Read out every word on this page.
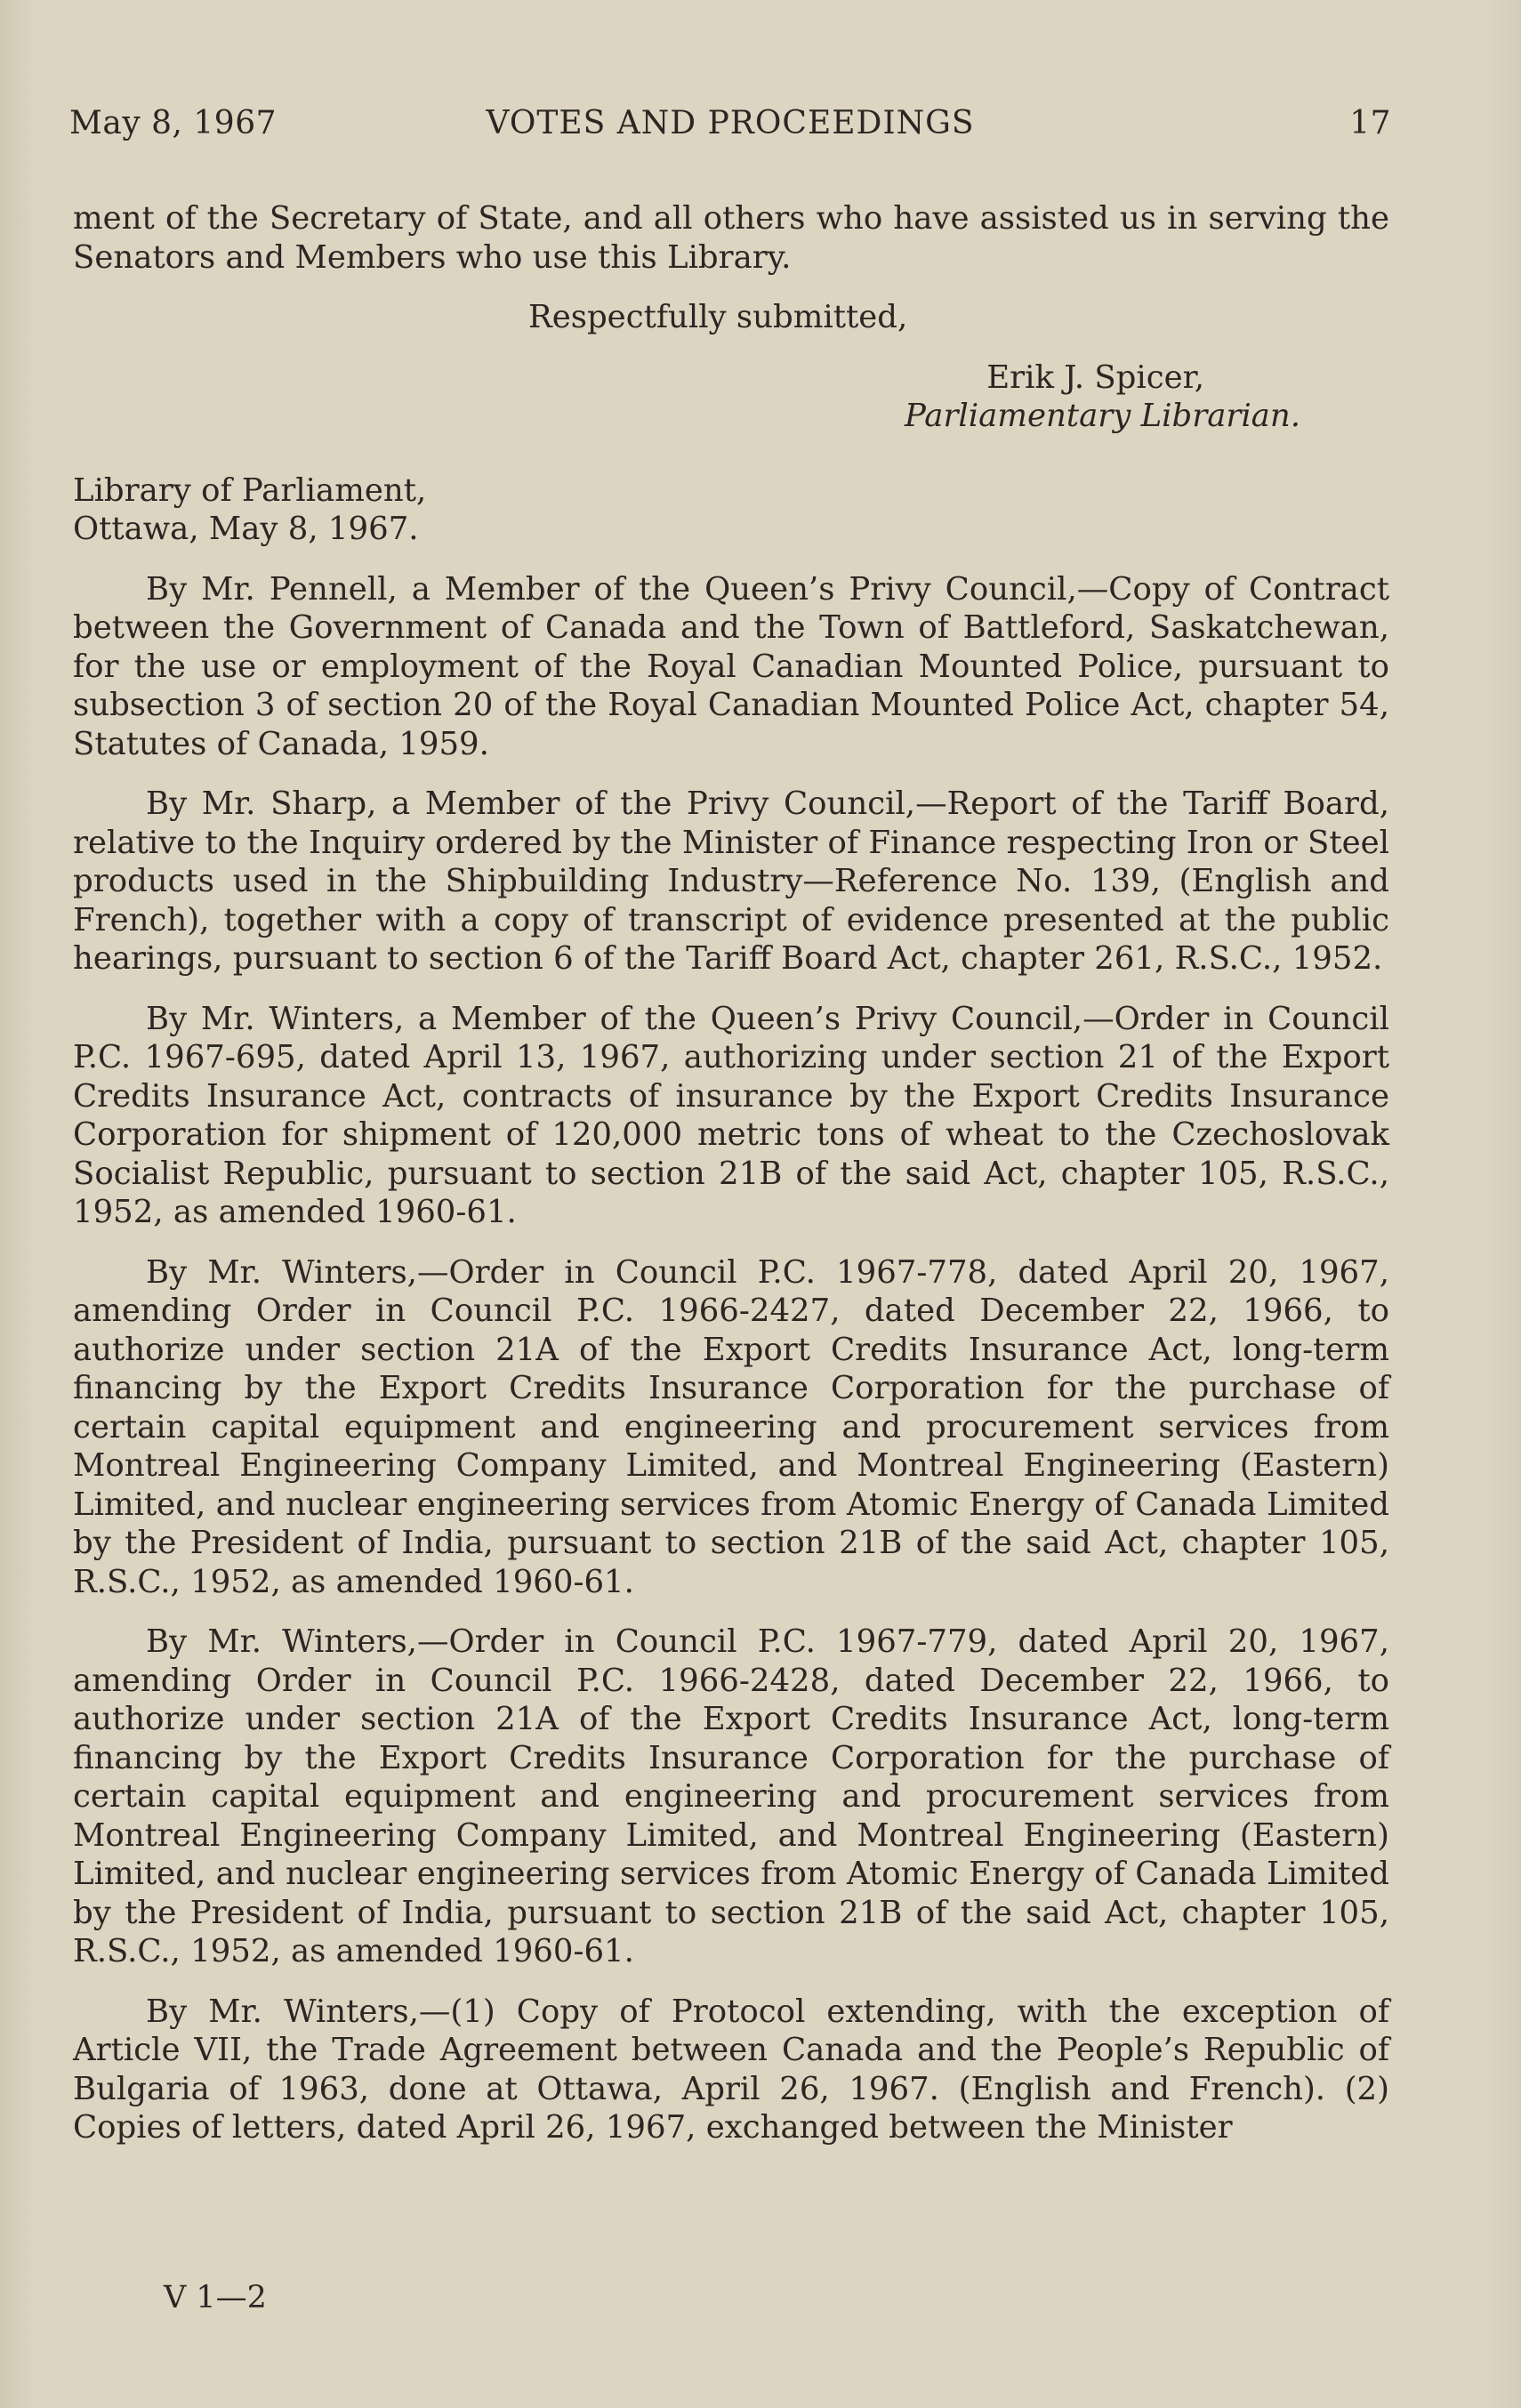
May 8, 1967	VOTES AND PROCEEDINGS	17

ment of the Secretary of State, and all others who have assisted us in serving the Senators and Members who use this Library.

Respectfully submitted,
Erik J. Spicer,
Parliamentary Librarian.
Library of Parliament,
Ottawa, May 8, 1967.

By Mr. Pennell, a Member of the Queen’s Privy Council,—Copy of Contract between the Government of Canada and the Town of Battleford, Saskatchewan, for the use or employment of the Royal Canadian Mounted Police, pursuant to subsection 3 of section 20 of the Royal Canadian Mounted Police Act, chapter 54, Statutes of Canada, 1959.

By Mr. Sharp, a Member of the Privy Council,—Report of the Tariff Board, relative to the Inquiry ordered by the Minister of Finance respecting Iron or Steel products used in the Shipbuilding Industry—Reference No. 139, (English and French), together with a copy of transcript of evidence presented at the public hearings, pursuant to section 6 of the Tariff Board Act, chapter 261, R.S.C., 1952.

By Mr. Winters, a Member of the Queen’s Privy Council,—Order in Council P.C. 1967-695, dated April 13, 1967, authorizing under section 21 of the Export Credits Insurance Act, contracts of insurance by the Export Credits Insurance Corporation for shipment of 120,000 metric tons of wheat to the Czechoslovak Socialist Republic, pursuant to section 21B of the said Act, chapter 105, R.S.C., 1952, as amended 1960-61.

By Mr. Winters,—Order in Council P.C. 1967-778, dated April 20, 1967, amending Order in Council P.C. 1966-2427, dated December 22, 1966, to authorize under section 21A of the Export Credits Insurance Act, long-term financing by the Export Credits Insurance Corporation for the purchase of certain capital equipment and engineering and procurement services from Montreal Engineering Company Limited, and Montreal Engineering (Eastern) Limited, and nuclear engineering services from Atomic Energy of Canada Limited by the President of India, pursuant to section 21B of the said Act, chapter 105, R.S.C., 1952, as amended 1960-61.

By Mr. Winters,—Order in Council P.C. 1967-779, dated April 20, 1967, amending Order in Council P.C. 1966-2428, dated December 22, 1966, to authorize under section 21A of the Export Credits Insurance Act, long-term financing by the Export Credits Insurance Corporation for the purchase of certain capital equipment and engineering and procurement services from Montreal Engineering Company Limited, and Montreal Engineering (Eastern) Limited, and nuclear engineering services from Atomic Energy of Canada Limited by the President of India, pursuant to section 21B of the said Act, chapter 105, R.S.C., 1952, as amended 1960-61.

By Mr. Winters,—(1) Copy of Protocol extending, with the exception of Article VII, the Trade Agreement between Canada and the People’s Republic of Bulgaria of 1963, done at Ottawa, April 26, 1967. (English and French). (2) Copies of letters, dated April 26, 1967, exchanged between the Minister

V 1—2
